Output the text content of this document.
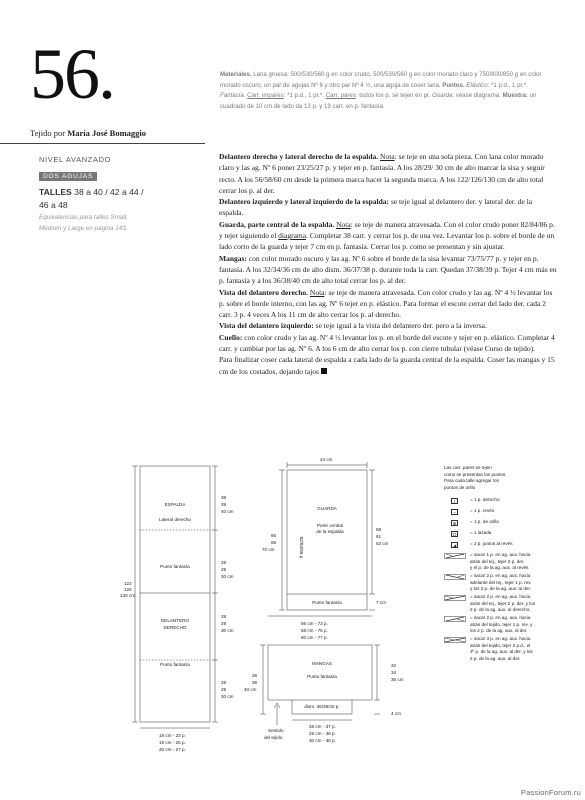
56.
Tejido por María José Bomaggio
Materiales. Lana gruesa: 500/530/560 g en color crudo, 500/530/560 g en color morado claro y 750/800/850 g en color morado oscuro, un par de agujas Nº 6 y otro par Nº 4 ½, una aguja de coser lana. Puntos. Elástico: *1 p.d., 1 pr.*. Fantasía. Carr. impares: *1 p.d., 1 pr.*. Carr. pares: todos los p. se tejen en pr. Guarda: véase diagrama. Muestra: un cuadrado de 10 cm de lado da 13 p. y 19 carr. en p. fantasía.
NIVEL AVANZADO
DOS AGUJAS
TALLES 38 a 40 / 42 a 44 /
46 a 48
Equivalencias para talles Small,
Medium y Large en página 143.

Delantero derecho y lateral derecho de la espalda. Nota: se teje en una sola pieza. Con lana color morado claro y las ag. Nº 6 poner 23/25/27 p. y tejer en p. fantasía. A los 28/29/ 30 cm de alto marcar la sisa y seguir recto. A los 56/58/60 cm desde la primera marca hacer la segunda marca. A los 122/126/130 cm de alto total cerrar los p. al der.

Delantero izquierdo y lateral izquierdo de la espalda: se teje igual al delantero der. y lateral der. de la espalda.

Guarda, parte central de la espalda. Nota: se teje de manera atravesada. Con el color crudo poner 82/84/86 p. y tejer siguiendo el diagrama. Completar 38 carr. y cerrar los p. de una vez. Levantar los p. sobre el borde de un lado corto de la guarda y tejer 7 cm en p. fantasía. Cerrar los p. como se presentan y sin ajustar.

Mangas: con color morado oscuro y las ag. Nº 6 sobre el borde de la sisa levantar 73/75/77 p. y tejer en p. fantasía. A los 32/34/36 cm de alto dism. 36/37/38 p. durante toda la carr. Quedan 37/38/39 p. Tejer 4 cm más en p. fantasía y a los 36/38/40 cm de alto total cerrar los p. al der.

Vista del delantero derecho. Nota: se teje de manera atravesada. Con color crudo y las ag. Nº 4 ½ levantar los p. sobre el borde interno, con las ag. Nº 6 tejer en p. elástico. Para formar el escote cerrar del lado der. cada 2 carr. 3 p. 4 veces A los 11 cm de alto cerrar los p. al derecho.

Vista del delantero izquierdo: se teje igual a la vista del delantero der. pero a la inversa.

Cuello: con color crudo y las ag. Nº 4 ½ levantar los p. en el borde del escote y tejer en p. elástico. Completar 4 carr. y cambiar por las ag. Nº 6. A los 6 cm de alto cerrar los p. con cierre tubular (véase Curso de tejido).

Para finalizar coser cada lateral de espalda a cada lado de la guarda central de la espalda. Coser las mangas y 15 cm de los costados, dejando tajos

ESPALDA
Lateral derecho
Punto fantasía
DELANTERO
DERECHO
Punto fantasía
122
126
130 cm
38
39
40 cm
28
29
30 cm
28
29
30 cm
28
29
30 cm
18 cm - 23 p.
19 cm - 25 p.
20 cm - 27 p.
24 cm
GUARDA
Parte central
de la espalda
82/84/86 p.
Punto fantasía
66
68
70 cm
59
61
63 cm
7 cm
56 cm - 73 p.
58 cm - 75 p.
60 cm - 77 p.
MANGAS
Punto fantasía
dism. 36/38/40 p.
36
38
40 cm
32
34
36 cm
4 cm
28 cm - 37 p.
29 cm - 38 p.
30 cm - 39 p.
Sentido
del tejido
Las carr. pares se tejen
como se presentan los puntos
Para cada talle agregar los
puntos de orillo
I	= 1 p. derecho
–	= 1 p. revés
⊕	= 1 p. de orillo
= 1 lazada
◢	= 2 p. juntos al revés
= sacar 1 p. en ag. aux. hacia
atrás del tej., tejer 2 p. der.
y el p. de la ag. aux. al revés
= sacar 2 p. en ag. aux. hacia
adelante del tej., tejer 1 p. rev.
y los 2 p. de la ag. aux. al der.
= sacar 2 p. en ag. aux. hacia
atrás del tej., tejer 2 p. der. y los
2 p. de la ag. aux. al derecho.
= sacar 2 p. en ag. aux. hacia
atrás del tejido, tejer 1 p. rev. y
los 2 p. de la ag. aux. al der.
= sacar 3 p. en ag. aux. hacia
atrás del tejido, tejer 2 p.d., el
3º p. de la ag. aux. al der. y los
2 p. de la ag. aux. al der.
PassionForum.ru
